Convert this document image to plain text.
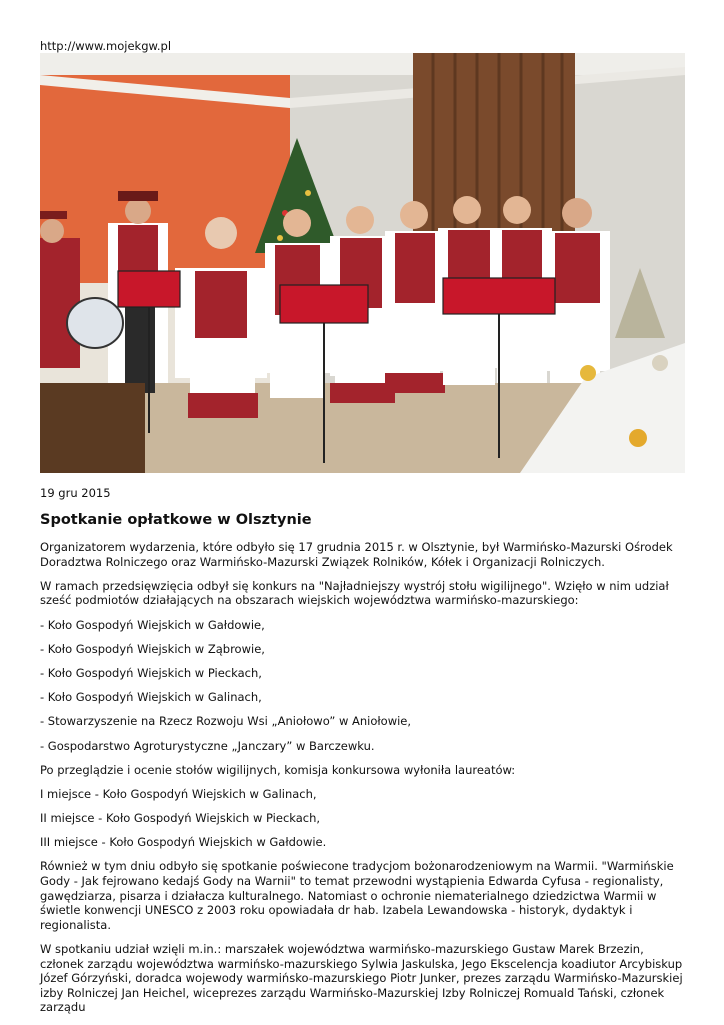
http://www.mojekgw.pl
19 gru 2015
Spotkanie opłatkowe w Olsztynie

Organizatorem wydarzenia, które odbyło się 17 grudnia 2015 r. w Olsztynie, był Warmińsko-Mazurski Ośrodek Doradztwa Rolniczego oraz Warmińsko-Mazurski Związek Rolników, Kółek i Organizacji Rolniczych.

W ramach przedsięwzięcia odbył się konkurs na "Najładniejszy wystrój stołu wigilijnego". Wzięło w nim udział sześć podmiotów działających na obszarach wiejskich województwa warmińsko-mazurskiego:

- Koło Gospodyń Wiejskich w Gałdowie,

- Koło Gospodyń Wiejskich w Ząbrowie,

- Koło Gospodyń Wiejskich w Pieckach,

- Koło Gospodyń Wiejskich w Galinach,

- Stowarzyszenie na Rzecz Rozwoju Wsi „Aniołowo” w Aniołowie,

- Gospodarstwo Agroturystyczne „Janczary” w Barczewku.

Po przeglądzie i ocenie stołów wigilijnych, komisja konkursowa wyłoniła laureatów:

I miejsce - Koło Gospodyń Wiejskich w Galinach,

II miejsce - Koło Gospodyń Wiejskich w Pieckach,

III miejsce - Koło Gospodyń Wiejskich w Gałdowie.

Również w tym dniu odbyło się spotkanie poświecone tradycjom bożonarodzeniowym na Warmii. "Warmińskie Gody - Jak fejrowano kedajś Gody na Warnii" to temat przewodni wystąpienia Edwarda Cyfusa - regionalisty, gawędziarza, pisarza i działacza kulturalnego. Natomiast o ochronie niematerialnego dziedzictwa Warmii w świetle konwencji UNESCO z 2003 roku opowiadała dr hab. Izabela Lewandowska - historyk, dydaktyk i regionalista.

W spotkaniu udział wzięli m.in.: marszałek województwa warmińsko-mazurskiego Gustaw Marek Brzezin, członek zarządu województwa warmińsko-mazurskiego Sylwia Jaskulska, Jego Ekscelencja koadiutor Arcybiskup Józef Górzyński, doradca wojewody warmińsko-mazurskiego Piotr Junker, prezes zarządu Warmińsko-Mazurskiej izby Rolniczej Jan Heichel, wiceprezes zarządu Warmińsko-Mazurskiej Izby Rolniczej Romuald Tański, członek zarządu
